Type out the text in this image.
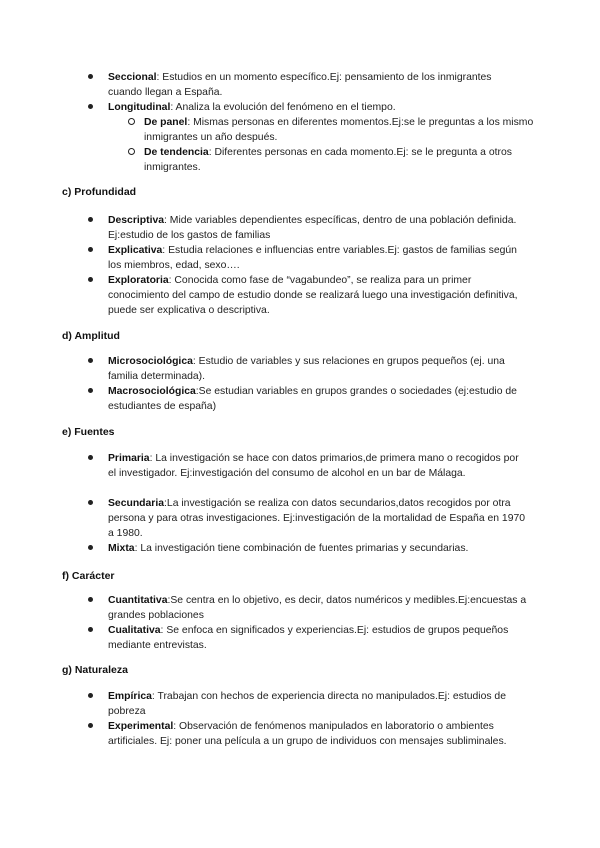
Seccional: Estudios en un momento específico.Ej: pensamiento de los inmigrantes cuando llegan a España.
Longitudinal: Analiza la evolución del fenómeno en el tiempo.
De panel: Mismas personas en diferentes momentos.Ej:se le preguntas a los mismo inmigrantes un año después.
De tendencia: Diferentes personas en cada momento.Ej: se le pregunta a otros inmigrantes.
c) Profundidad
Descriptiva: Mide variables dependientes específicas, dentro de una población definida. Ej:estudio de los gastos de familias
Explicativa: Estudia relaciones e influencias entre variables.Ej: gastos de familias según los miembros, edad, sexo….
Exploratoria: Conocida como fase de “vagabundeo”, se realiza para un primer conocimiento del campo de estudio donde se realizará luego una investigación definitiva, puede ser explicativa o descriptiva.
d) Amplitud
Microsociológica: Estudio de variables y sus relaciones en grupos pequeños (ej. una familia determinada).
Macrosociológica:Se estudian variables en grupos grandes o sociedades (ej:estudio de estudiantes de españa)
e) Fuentes
Primaria: La investigación se hace con datos primarios,de primera mano o recogidos por el investigador. Ej:investigación del consumo de alcohol en un bar de Málaga.
Secundaria:La investigación se realiza con datos secundarios,datos recogidos por otra persona y para otras investigaciones. Ej:investigación de la mortalidad de España en 1970 a 1980.
Mixta: La investigación tiene combinación de fuentes primarias y secundarias.
f) Carácter
Cuantitativa:Se centra en lo objetivo, es decir, datos numéricos y medibles.Ej:encuestas a grandes poblaciones
Cualitativa: Se enfoca en significados y experiencias.Ej: estudios de grupos pequeños mediante entrevistas.
g) Naturaleza
Empírica: Trabajan con hechos de experiencia directa no manipulados.Ej: estudios de pobreza
Experimental: Observación de fenómenos manipulados en laboratorio o ambientes artificiales. Ej: poner una película a un grupo de individuos con mensajes subliminales.
